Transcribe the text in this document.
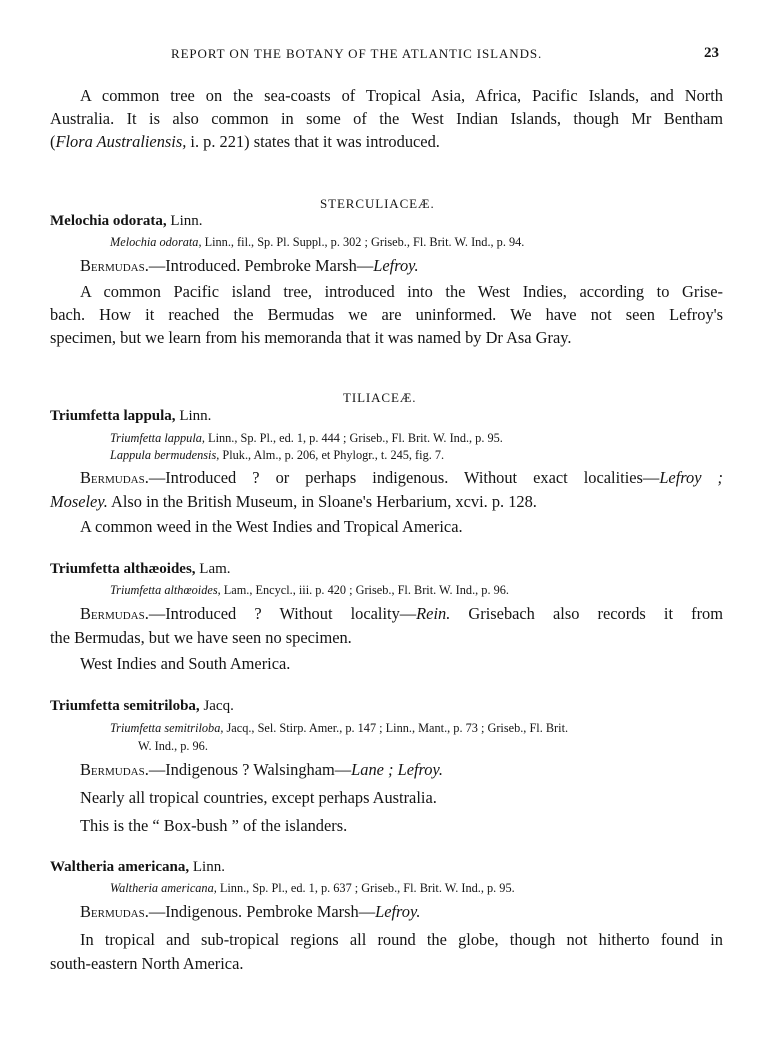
REPORT ON THE BOTANY OF THE ATLANTIC ISLANDS.	23
A common tree on the sea-coasts of Tropical Asia, Africa, Pacific Islands, and North
Australia. It is also common in some of the West Indian Islands, though Mr Bentham
(Flora Australiensis, i. p. 221) states that it was introduced.
STERCULIACEÆ.
Melochia odorata, Linn.
Melochia odorata, Linn., fil., Sp. Pl. Suppl., p. 302 ; Griseb., Fl. Brit. W. Ind., p. 94.
Bermudas.—Introduced. Pembroke Marsh—Lefroy.
A common Pacific island tree, introduced into the West Indies, according to Grise-
bach. How it reached the Bermudas we are uninformed. We have not seen Lefroy's
specimen, but we learn from his memoranda that it was named by Dr Asa Gray.
TILIACEÆ.
Triumfetta lappula, Linn.
Triumfetta lappula, Linn., Sp. Pl., ed. 1, p. 444 ; Griseb., Fl. Brit. W. Ind., p. 95.
Lappula bermudensis, Pluk., Alm., p. 206, et Phylogr., t. 245, fig. 7.
Bermudas.—Introduced ? or perhaps indigenous. Without exact localities—Lefroy ;
Moseley. Also in the British Museum, in Sloane's Herbarium, xcvi. p. 128.
A common weed in the West Indies and Tropical America.
Triumfetta althæoides, Lam.
Triumfetta althœoides, Lam., Encycl., iii. p. 420 ; Griseb., Fl. Brit. W. Ind., p. 96.
Bermudas.—Introduced ? Without locality—Rein. Grisebach also records it from
the Bermudas, but we have seen no specimen.
West Indies and South America.
Triumfetta semitriloba, Jacq.
Triumfetta semitriloba, Jacq., Sel. Stirp. Amer., p. 147 ; Linn., Mant., p. 73 ; Griseb., Fl. Brit.
W. Ind., p. 96.
Bermudas.—Indigenous ? Walsingham—Lane ; Lefroy.
Nearly all tropical countries, except perhaps Australia.
This is the “ Box-bush ” of the islanders.
Waltheria americana, Linn.
Waltheria americana, Linn., Sp. Pl., ed. 1, p. 637 ; Griseb., Fl. Brit. W. Ind., p. 95.
Bermudas.—Indigenous. Pembroke Marsh—Lefroy.
In tropical and sub-tropical regions all round the globe, though not hitherto found in
south-eastern North America.
